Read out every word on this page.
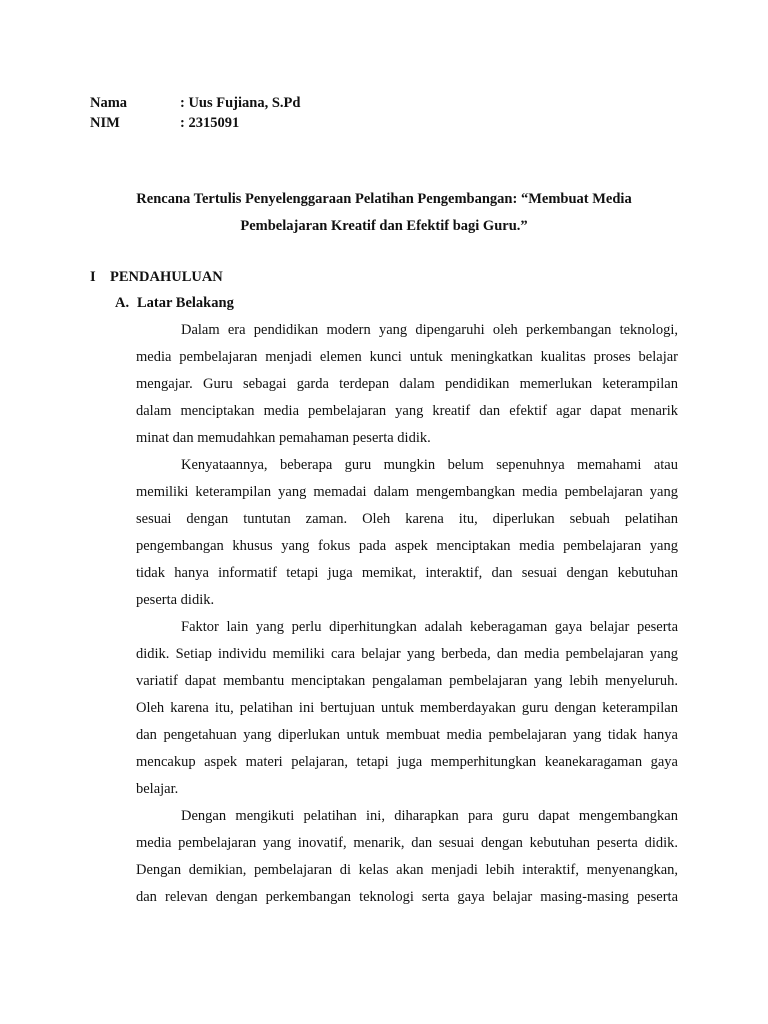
Nama	: Uus Fujiana, S.Pd
NIM	: 2315091
Rencana Tertulis Penyelenggaraan Pelatihan Pengembangan: “Membuat Media
Pembelajaran Kreatif dan Efektif bagi Guru.”
I PENDAHULUAN
A. Latar Belakang
Dalam era pendidikan modern yang dipengaruhi oleh perkembangan teknologi,
media pembelajaran menjadi elemen kunci untuk meningkatkan kualitas proses belajar
mengajar. Guru sebagai garda terdepan dalam pendidikan memerlukan keterampilan
dalam menciptakan media pembelajaran yang kreatif dan efektif agar dapat menarik
minat dan memudahkan pemahaman peserta didik.
Kenyataannya, beberapa guru mungkin belum sepenuhnya memahami atau
memiliki keterampilan yang memadai dalam mengembangkan media pembelajaran yang
sesuai dengan tuntutan zaman. Oleh karena itu, diperlukan sebuah pelatihan
pengembangan khusus yang fokus pada aspek menciptakan media pembelajaran yang
tidak hanya informatif tetapi juga memikat, interaktif, dan sesuai dengan kebutuhan
peserta didik.
Faktor lain yang perlu diperhitungkan adalah keberagaman gaya belajar peserta
didik. Setiap individu memiliki cara belajar yang berbeda, dan media pembelajaran yang
variatif dapat membantu menciptakan pengalaman pembelajaran yang lebih menyeluruh.
Oleh karena itu, pelatihan ini bertujuan untuk memberdayakan guru dengan keterampilan
dan pengetahuan yang diperlukan untuk membuat media pembelajaran yang tidak hanya
mencakup aspek materi pelajaran, tetapi juga memperhitungkan keanekaragaman gaya
belajar.
Dengan mengikuti pelatihan ini, diharapkan para guru dapat mengembangkan
media pembelajaran yang inovatif, menarik, dan sesuai dengan kebutuhan peserta didik.
Dengan demikian, pembelajaran di kelas akan menjadi lebih interaktif, menyenangkan,
dan relevan dengan perkembangan teknologi serta gaya belajar masing-masing peserta
